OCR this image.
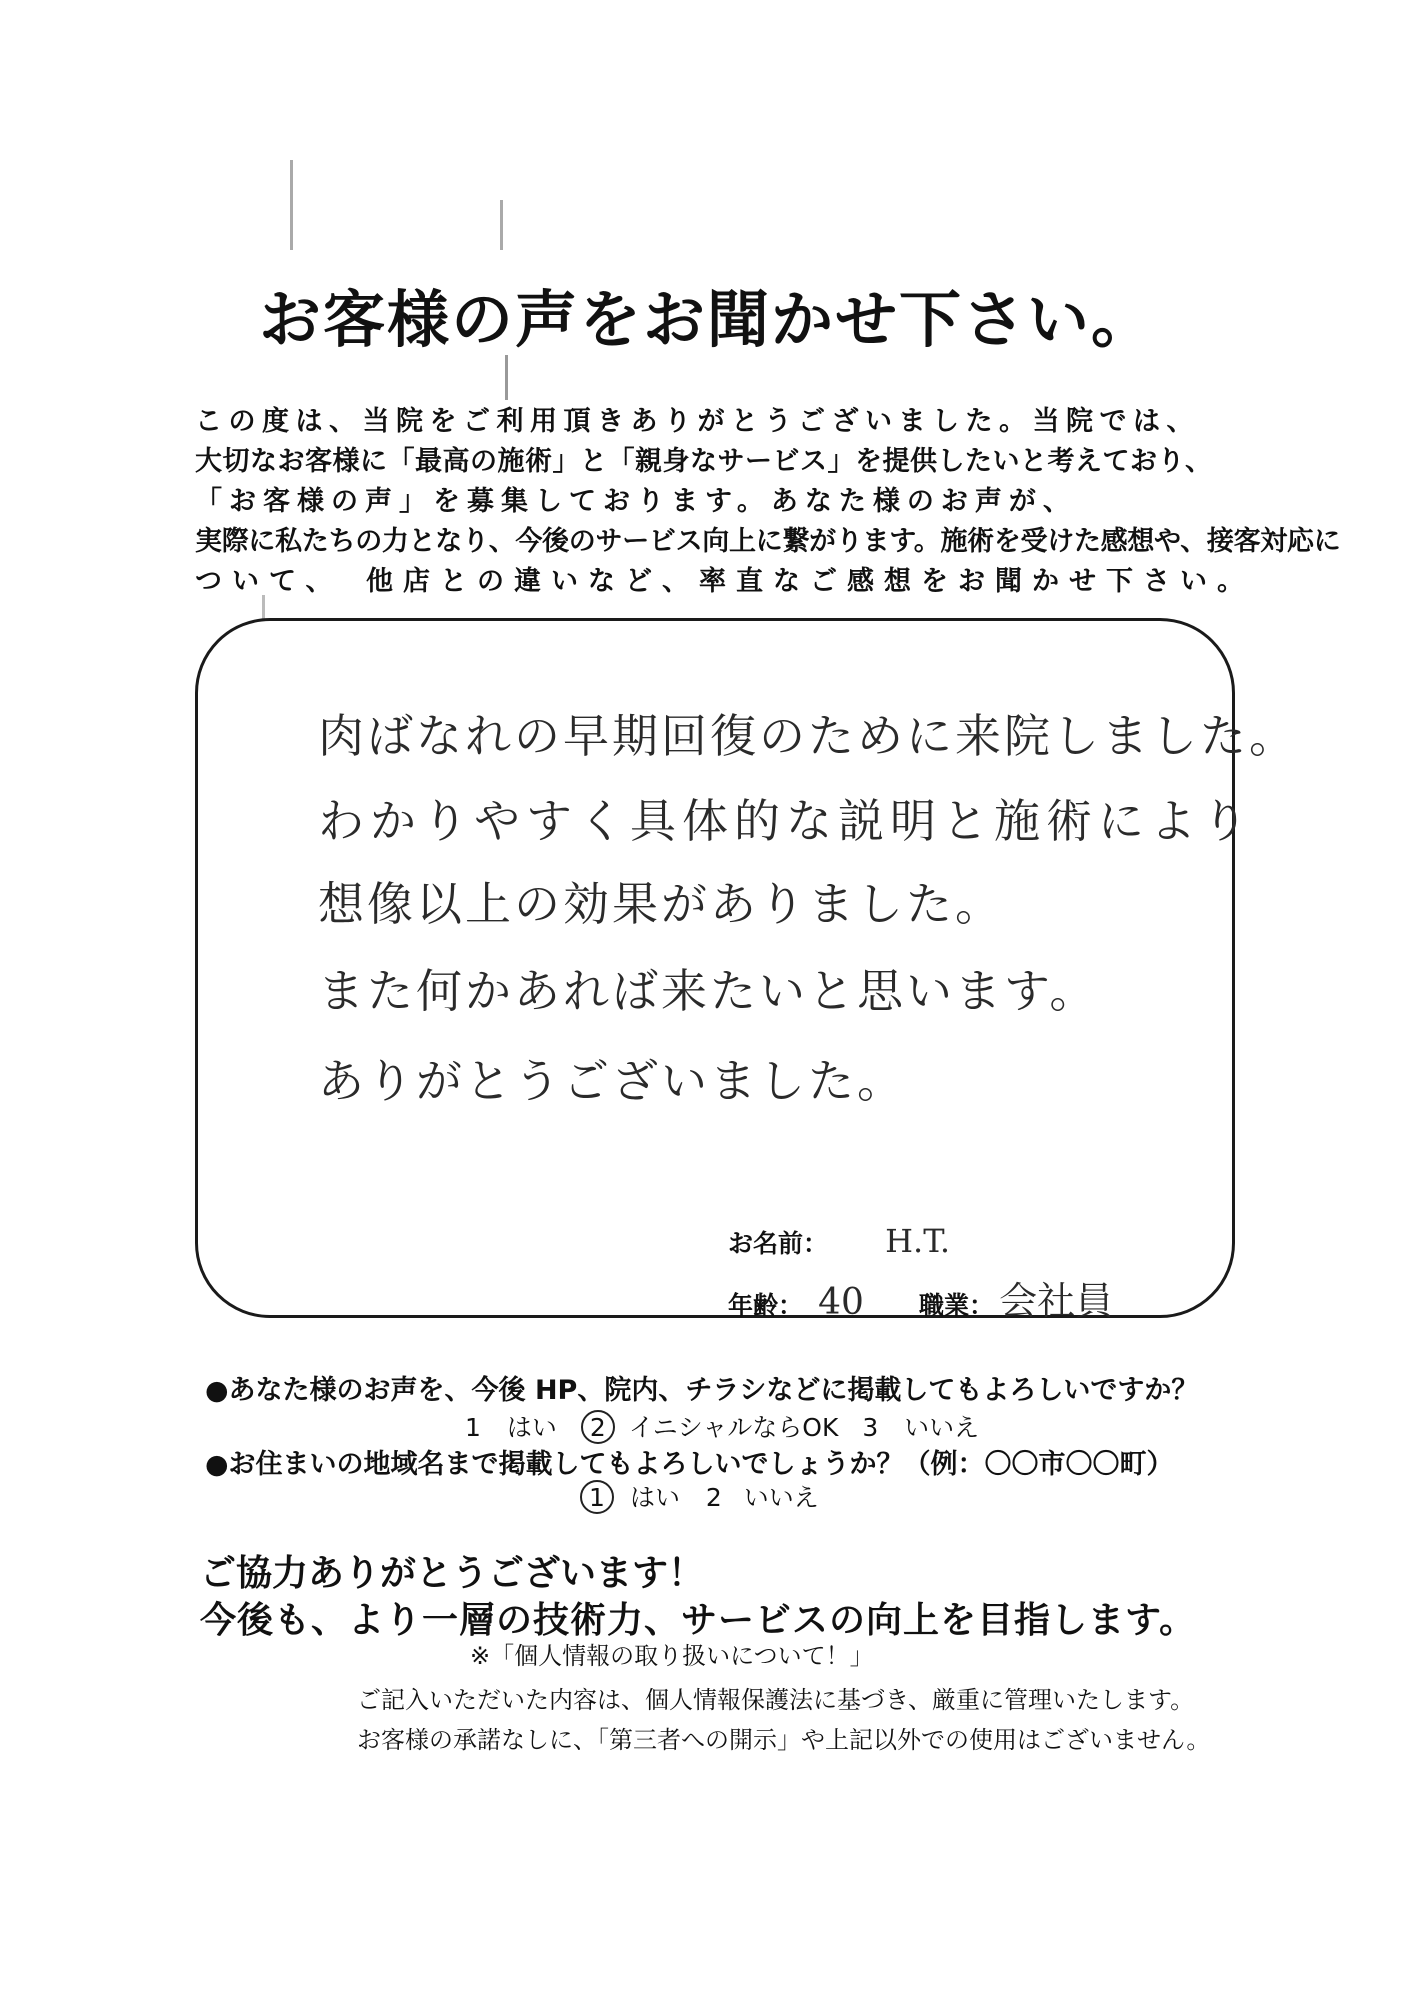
お客様の声をお聞かせ下さい。
この度は、当院をご利用頂きありがとうございました。当院では、
大切なお客様に「最高の施術」と「親身なサービス」を提供したいと考えており、
「お客様の声」を募集しております。あなた様のお声が、
実際に私たちの力となり、今後のサービス向上に繋がります。施術を受けた感想や、接客対応に
ついて、　他店との違いなど、率直なご感想をお聞かせ下さい。
肉ばなれの早期回復のために来院しました。
わかりやすく具体的な説明と施術により
想像以上の効果がありました。
また何かあれば来たいと思います。
ありがとうございました。
お名前： H.T.
年齢： 40 職業： 会社員
●あなた様のお声を、今後 HP、院内、チラシなどに掲載してもよろしいですか？
1 はい 2 イニシャルならOK 3 いいえ
●お住まいの地域名まで掲載してもよろしいでしょうか？（例：〇〇市〇〇町）
1 はい 2 いいえ
ご協力ありがとうございます！
今後も、より一層の技術力、サービスの向上を目指します。
※「個人情報の取り扱いについて！」
ご記入いただいた内容は、個人情報保護法に基づき、厳重に管理いたします。
お客様の承諾なしに、「第三者への開示」や上記以外での使用はございません。
